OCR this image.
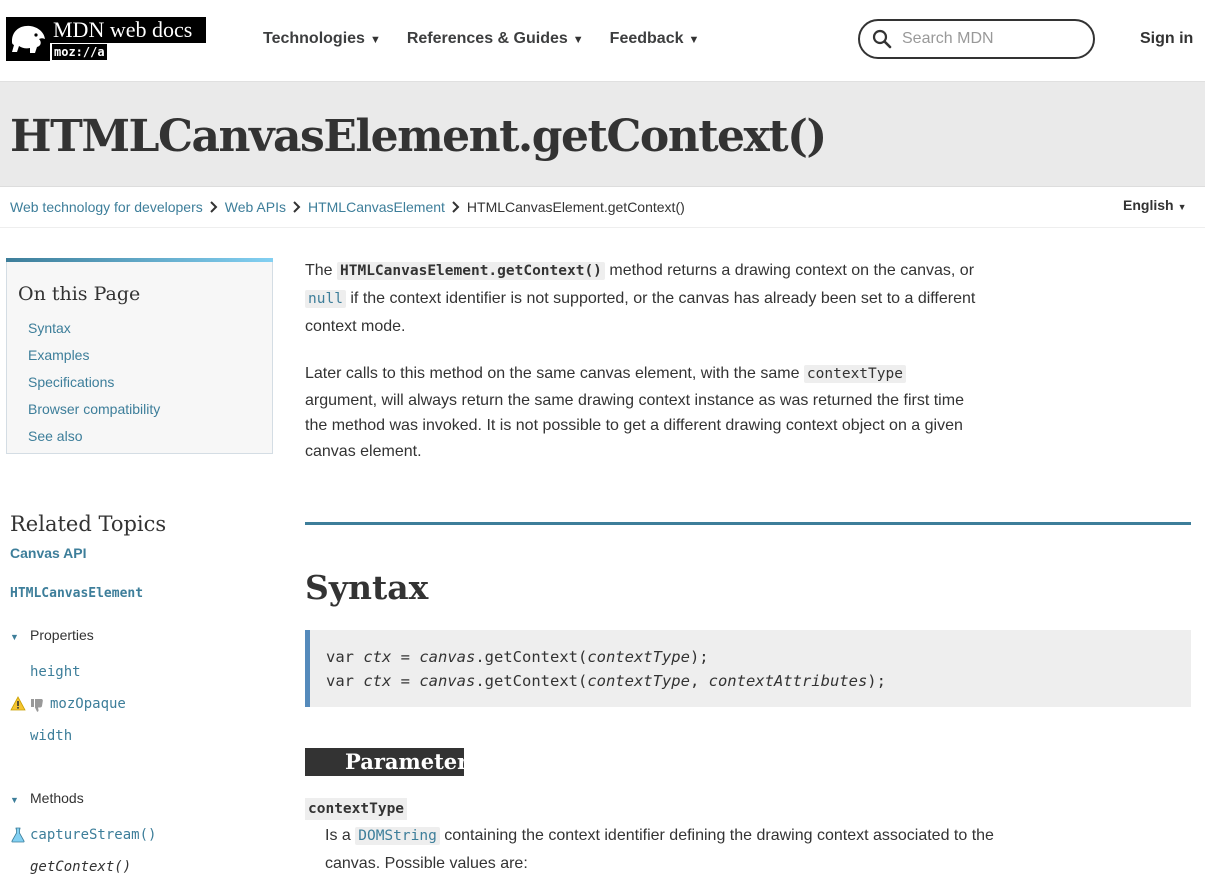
MDN web docs
moz://a
Technologies ▼ References & Guides ▼ Feedback ▼
Search MDN	Sign in
HTMLCanvasElement.getContext()
Web technology for developers Web APIs HTMLCanvasElement HTMLCanvasElement.getContext()	English ▼
On this Page
Syntax
Examples
Specifications
Browser compatibility
See also
Related Topics
Canvas API
HTMLCanvasElement
▼ Properties
height
mozOpaque
width
▼ Methods
captureStream()
getContext()

The HTMLCanvasElement.getContext() method returns a drawing context on the canvas, or null if the context identifier is not supported, or the canvas has already been set to a different context mode.

Later calls to this method on the same canvas element, with the same contextType argument, will always return the same drawing context instance as was returned the first time the method was invoked. It is not possible to get a different drawing context object on a given canvas element.

Syntax
var ctx = canvas.getContext(contextType);
var ctx = canvas.getContext(contextType, contextAttributes);
Parameters
contextType

Is a DOMString containing the context identifier defining the drawing context associated to the canvas. Possible values are:
